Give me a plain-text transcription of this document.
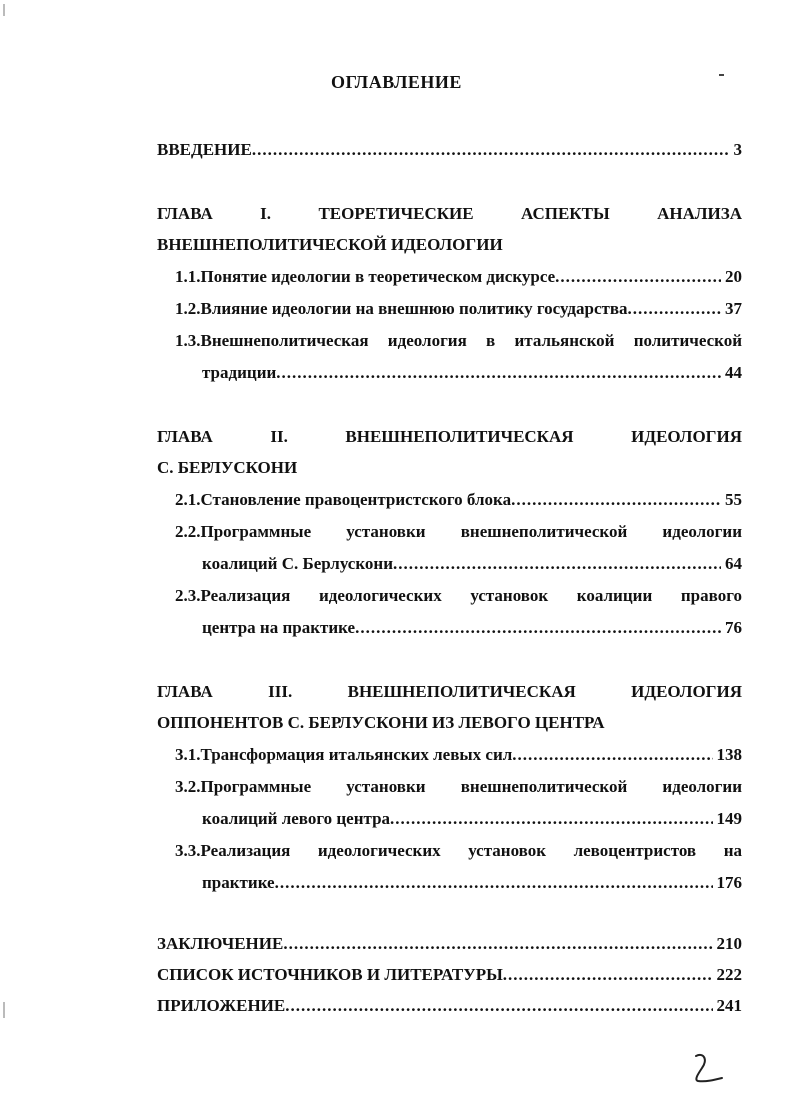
ОГЛАВЛЕНИЕ
ВВЕДЕНИЕ .....	3
ГЛАВА I. ТЕОРЕТИЧЕСКИЕ АСПЕКТЫ АНАЛИЗА
ВНЕШНЕПОЛИТИЧЕСКОЙ ИДЕОЛОГИИ
1.1.Понятие идеологии в теоретическом дискурсе .....	20
1.2.Влияние идеологии на внешнюю политику государства .....	37
1.3.Внешнеполитическая идеология в итальянской политической
традиции .....	44
ГЛАВА II. ВНЕШНЕПОЛИТИЧЕСКАЯ ИДЕОЛОГИЯ
С. БЕРЛУСКОНИ
2.1.Становление правоцентристского блока .....	55
2.2.Программные установки внешнеполитической идеологии
коалиций С. Берлускони .....	64
2.3.Реализация идеологических установок коалиции правого
центра на практике .....	76
ГЛАВА III. ВНЕШНЕПОЛИТИЧЕСКАЯ ИДЕОЛОГИЯ
ОППОНЕНТОВ С. БЕРЛУСКОНИ ИЗ ЛЕВОГО ЦЕНТРА
3.1.Трансформация итальянских левых сил .....	138
3.2.Программные установки внешнеполитической идеологии
коалиций левого центра .....	149
3.3.Реализация идеологических установок левоцентристов на
практике .....	176
ЗАКЛЮЧЕНИЕ .....	210
СПИСОК ИСТОЧНИКОВ И ЛИТЕРАТУРЫ .....	222
ПРИЛОЖЕНИЕ .....	241
